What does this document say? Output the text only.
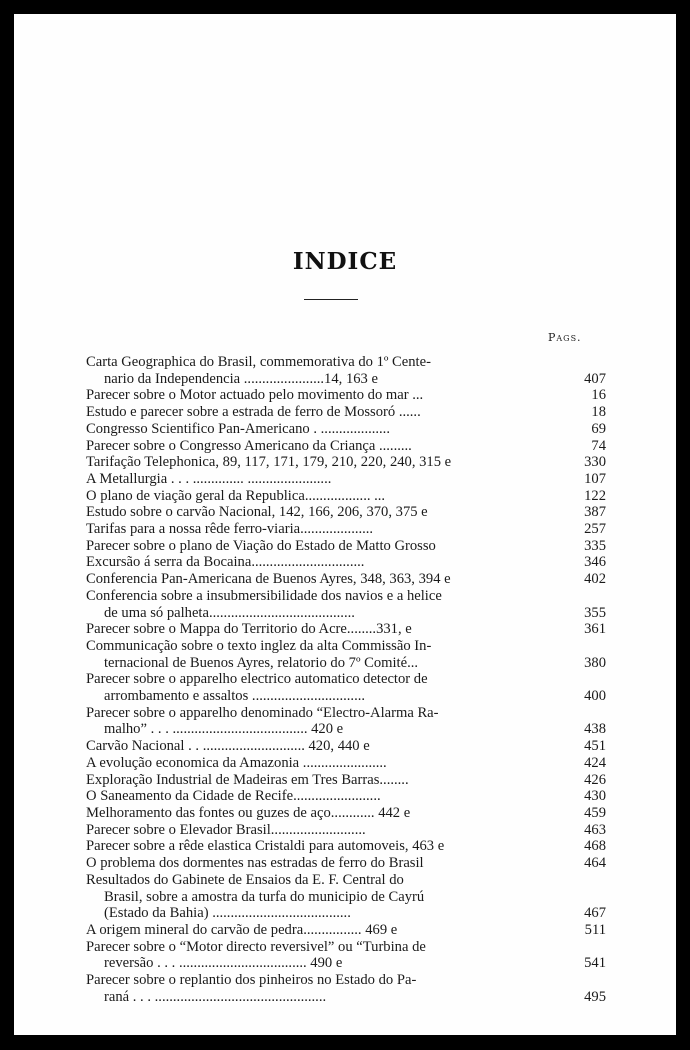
INDICE
Pags.
Carta Geographica do Brasil, commemorativa do 1º Cente-
nario da Independencia ......................14, 163 e	407
Parecer sobre o Motor actuado pelo movimento do mar ...	16
Estudo e parecer sobre a estrada de ferro de Mossoró ......	18
Congresso Scientifico Pan-Americano . ...................	69
Parecer sobre o Congresso Americano da Criança .........	74
Tarifação Telephonica, 89, 117, 171, 179, 210, 220, 240, 315 e	330
A Metallurgia . . . .............. .......................	107
O plano de viação geral da Republica.................. ...	122
Estudo sobre o carvão Nacional, 142, 166, 206, 370, 375 e	387
Tarifas para a nossa rêde ferro-viaria....................	257
Parecer sobre o plano de Viação do Estado de Matto Grosso	335
Excursão á serra da Bocaina...............................	346
Conferencia Pan-Americana de Buenos Ayres, 348, 363, 394 e	402
Conferencia sobre a insubmersibilidade dos navios e a helice
de uma só palheta........................................	355
Parecer sobre o Mappa do Territorio do Acre........331, e	361
Communicação sobre o texto inglez da alta Commissão In-
ternacional de Buenos Ayres, relatorio do 7º Comité...	380
Parecer sobre o apparelho electrico automatico detector de
arrombamento e assaltos ...............................	400
Parecer sobre o apparelho denominado “Electro-Alarma Ra-
malho” . . . ..................................... 420 e	438
Carvão Nacional . . ............................ 420, 440 e	451
A evolução economica da Amazonia .......................	424
Exploração Industrial de Madeiras em Tres Barras........	426
O Saneamento da Cidade de Recife........................	430
Melhoramento das fontes ou guzes de aço............ 442 e	459
Parecer sobre o Elevador Brasil..........................	463
Parecer sobre a rêde elastica Cristaldi para automoveis, 463 e	468
O problema dos dormentes nas estradas de ferro do Brasil	464
Resultados do Gabinete de Ensaios da E. F. Central do
Brasil, sobre a amostra da turfa do municipio de Cayrú
(Estado da Bahia) ......................................	467
A origem mineral do carvão de pedra................ 469 e	511
Parecer sobre o “Motor directo reversivel” ou “Turbina de
reversão . . . ................................... 490 e	541
Parecer sobre o replantio dos pinheiros no Estado do Pa-
raná . . . ...............................................	495
